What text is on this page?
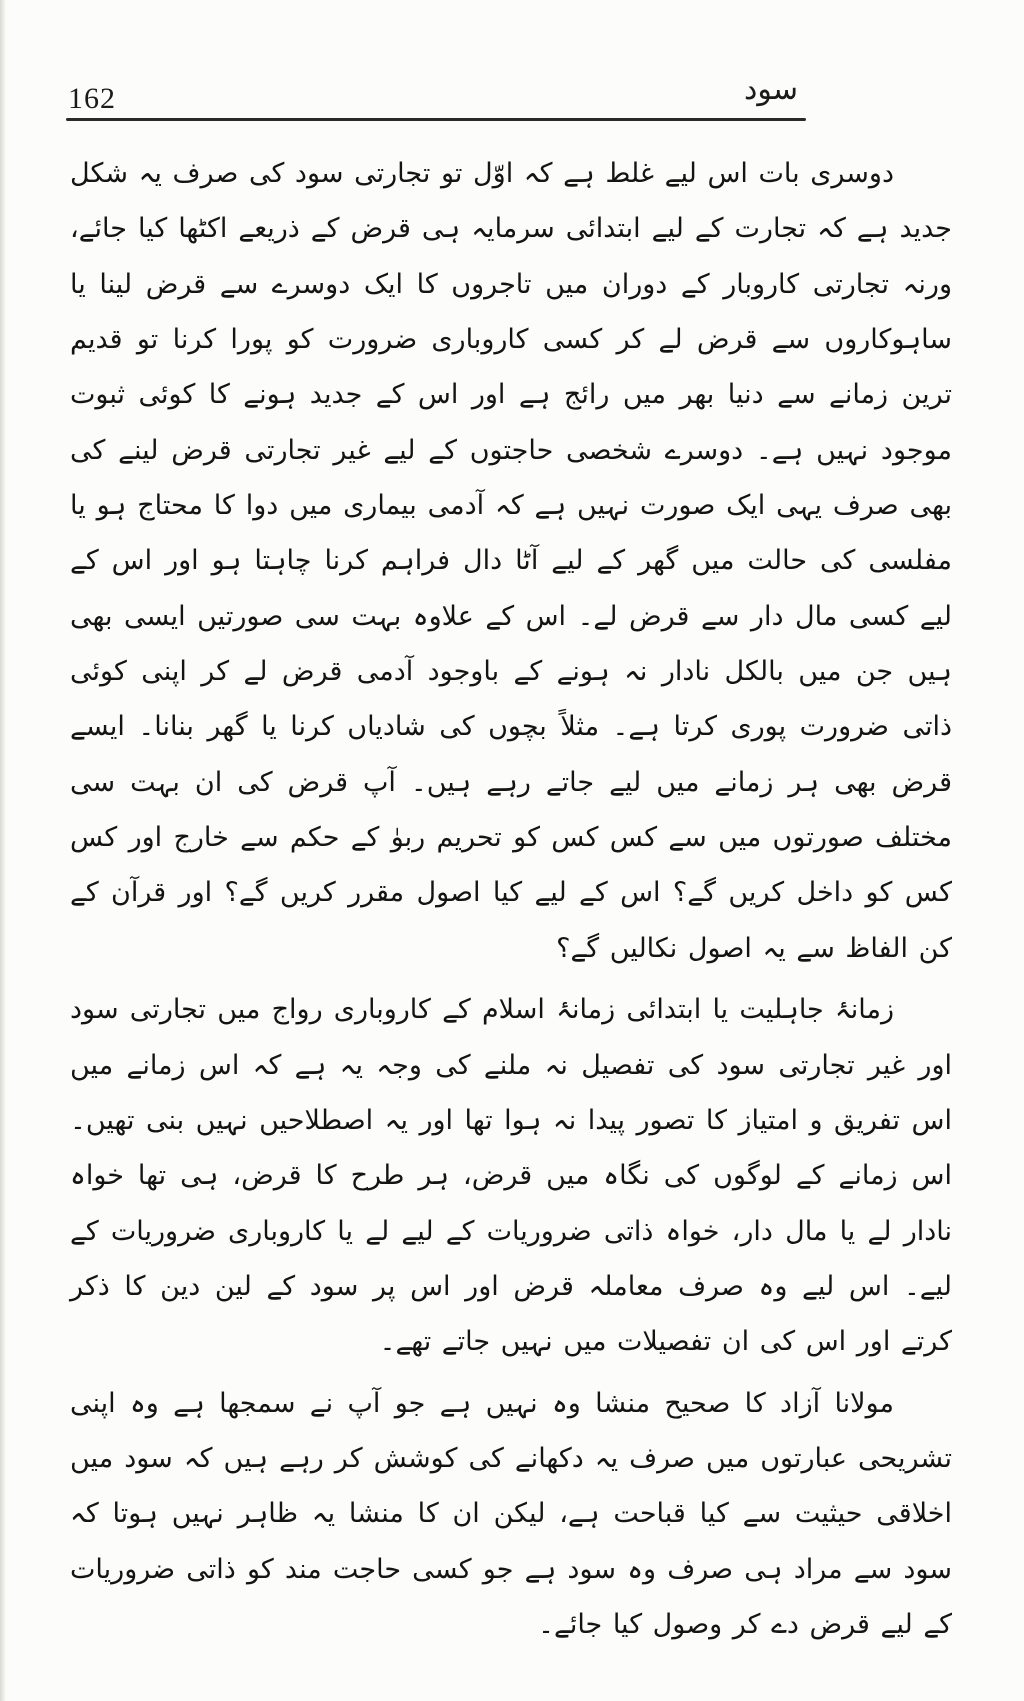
162	سود

دوسری بات اس لیے غلط ہے کہ اوّل تو تجارتی سود کی صرف یہ شکل جدید ہے کہ تجارت کے لیے ابتدائی سرمایہ ہی قرض کے ذریعے اکٹھا کیا جائے، ورنہ تجارتی کاروبار کے دوران میں تاجروں کا ایک دوسرے سے قرض لینا یا ساہوکاروں سے قرض لے کر کسی کاروباری ضرورت کو پورا کرنا تو قدیم ترین زمانے سے دنیا بھر میں رائج ہے اور اس کے جدید ہونے کا کوئی ثبوت موجود نہیں ہے۔ دوسرے شخصی حاجتوں کے لیے غیر تجارتی قرض لینے کی بھی صرف یہی ایک صورت نہیں ہے کہ آدمی بیماری میں دوا کا محتاج ہو یا مفلسی کی حالت میں گھر کے لیے آٹا دال فراہم کرنا چاہتا ہو اور اس کے لیے کسی مال دار سے قرض لے۔ اس کے علاوہ بہت سی صورتیں ایسی بھی ہیں جن میں بالکل نادار نہ ہونے کے باوجود آدمی قرض لے کر اپنی کوئی ذاتی ضرورت پوری کرتا ہے۔ مثلاً بچوں کی شادیاں کرنا یا گھر بنانا۔ ایسے قرض بھی ہر زمانے میں لیے جاتے رہے ہیں۔ آپ قرض کی ان بہت سی مختلف صورتوں میں سے کس کس کو تحریم ربوٰ کے حکم سے خارج اور کس کس کو داخل کریں گے؟ اس کے لیے کیا اصول مقرر کریں گے؟ اور قرآن کے کن الفاظ سے یہ اصول نکالیں گے؟

زمانۂ جاہلیت یا ابتدائی زمانۂ اسلام کے کاروباری رواج میں تجارتی سود اور غیر تجارتی سود کی تفصیل نہ ملنے کی وجہ یہ ہے کہ اس زمانے میں اس تفریق و امتیاز کا تصور پیدا نہ ہوا تھا اور یہ اصطلاحیں نہیں بنی تھیں۔ اس زمانے کے لوگوں کی نگاہ میں قرض، ہر طرح کا قرض، ہی تھا خواہ نادار لے یا مال دار، خواہ ذاتی ضروریات کے لیے لے یا کاروباری ضروریات کے لیے۔ اس لیے وہ صرف معاملہ قرض اور اس پر سود کے لین دین کا ذکر کرتے اور اس کی ان تفصیلات میں نہیں جاتے تھے۔

مولانا آزاد کا صحیح منشا وہ نہیں ہے جو آپ نے سمجھا ہے وہ اپنی تشریحی عبارتوں میں صرف یہ دکھانے کی کوشش کر رہے ہیں کہ سود میں اخلاقی حیثیت سے کیا قباحت ہے، لیکن ان کا منشا یہ ظاہر نہیں ہوتا کہ سود سے مراد ہی صرف وہ سود ہے جو کسی حاجت مند کو ذاتی ضروریات کے لیے قرض دے کر وصول کیا جائے۔
